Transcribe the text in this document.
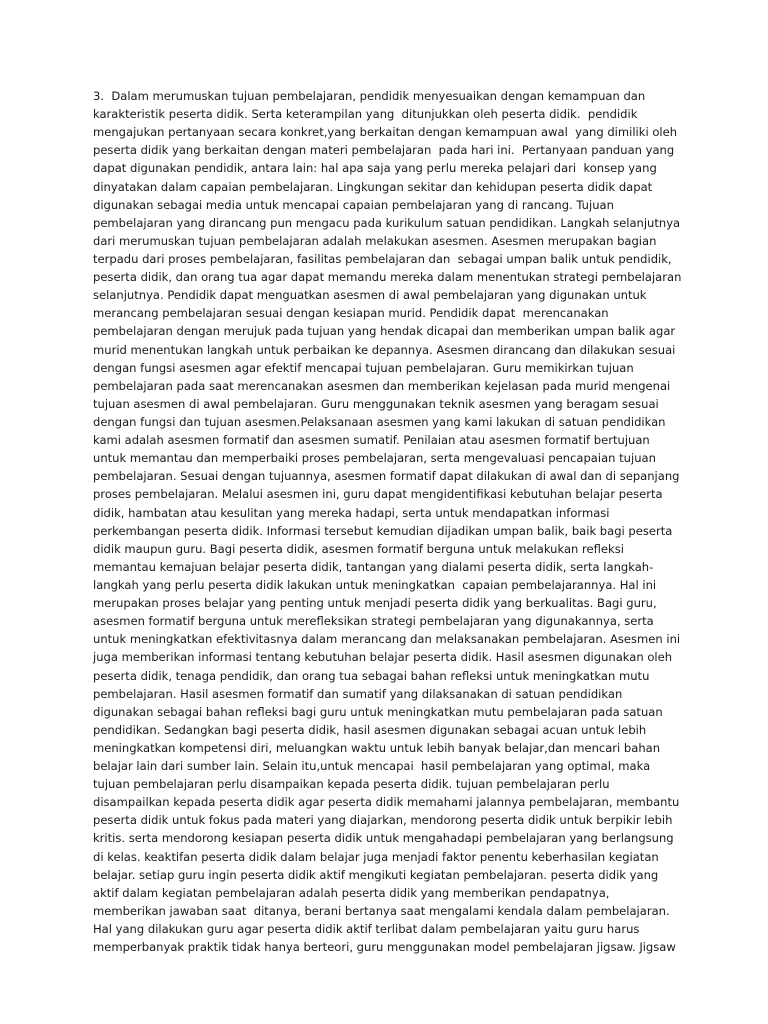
3.  Dalam merumuskan tujuan pembelajaran, pendidik menyesuaikan dengan kemampuan dan
karakteristik peserta didik. Serta keterampilan yang  ditunjukkan oleh peserta didik.  pendidik
mengajukan pertanyaan secara konkret,yang berkaitan dengan kemampuan awal  yang dimiliki oleh
peserta didik yang berkaitan dengan materi pembelajaran  pada hari ini.  Pertanyaan panduan yang
dapat digunakan pendidik, antara lain: hal apa saja yang perlu mereka pelajari dari  konsep yang
dinyatakan dalam capaian pembelajaran. Lingkungan sekitar dan kehidupan peserta didik dapat
digunakan sebagai media untuk mencapai capaian pembelajaran yang di rancang. Tujuan
pembelajaran yang dirancang pun mengacu pada kurikulum satuan pendidikan. Langkah selanjutnya
dari merumuskan tujuan pembelajaran adalah melakukan asesmen. Asesmen merupakan bagian
terpadu dari proses pembelajaran, fasilitas pembelajaran dan  sebagai umpan balik untuk pendidik,
peserta didik, dan orang tua agar dapat memandu mereka dalam menentukan strategi pembelajaran
selanjutnya. Pendidik dapat menguatkan asesmen di awal pembelajaran yang digunakan untuk
merancang pembelajaran sesuai dengan kesiapan murid. Pendidik dapat  merencanakan
pembelajaran dengan merujuk pada tujuan yang hendak dicapai dan memberikan umpan balik agar
murid menentukan langkah untuk perbaikan ke depannya. Asesmen dirancang dan dilakukan sesuai
dengan fungsi asesmen agar efektif mencapai tujuan pembelajaran. Guru memikirkan tujuan
pembelajaran pada saat merencanakan asesmen dan memberikan kejelasan pada murid mengenai
tujuan asesmen di awal pembelajaran. Guru menggunakan teknik asesmen yang beragam sesuai
dengan fungsi dan tujuan asesmen.Pelaksanaan asesmen yang kami lakukan di satuan pendidikan
kami adalah asesmen formatif dan asesmen sumatif. Penilaian atau asesmen formatif bertujuan
untuk memantau dan memperbaiki proses pembelajaran, serta mengevaluasi pencapaian tujuan
pembelajaran. Sesuai dengan tujuannya, asesmen formatif dapat dilakukan di awal dan di sepanjang
proses pembelajaran. Melalui asesmen ini, guru dapat mengidentifikasi kebutuhan belajar peserta
didik, hambatan atau kesulitan yang mereka hadapi, serta untuk mendapatkan informasi
perkembangan peserta didik. Informasi tersebut kemudian dijadikan umpan balik, baik bagi peserta
didik maupun guru. Bagi peserta didik, asesmen formatif berguna untuk melakukan refleksi
memantau kemajuan belajar peserta didik, tantangan yang dialami peserta didik, serta langkah-
langkah yang perlu peserta didik lakukan untuk meningkatkan  capaian pembelajarannya. Hal ini
merupakan proses belajar yang penting untuk menjadi peserta didik yang berkualitas. Bagi guru,
asesmen formatif berguna untuk merefleksikan strategi pembelajaran yang digunakannya, serta
untuk meningkatkan efektivitasnya dalam merancang dan melaksanakan pembelajaran. Asesmen ini
juga memberikan informasi tentang kebutuhan belajar peserta didik. Hasil asesmen digunakan oleh
peserta didik, tenaga pendidik, dan orang tua sebagai bahan refleksi untuk meningkatkan mutu
pembelajaran. Hasil asesmen formatif dan sumatif yang dilaksanakan di satuan pendidikan
digunakan sebagai bahan refleksi bagi guru untuk meningkatkan mutu pembelajaran pada satuan
pendidikan. Sedangkan bagi peserta didik, hasil asesmen digunakan sebagai acuan untuk lebih
meningkatkan kompetensi diri, meluangkan waktu untuk lebih banyak belajar,dan mencari bahan
belajar lain dari sumber lain. Selain itu,untuk mencapai  hasil pembelajaran yang optimal, maka
tujuan pembelajaran perlu disampaikan kepada peserta didik. tujuan pembelajaran perlu
disampailkan kepada peserta didik agar peserta didik memahami jalannya pembelajaran, membantu
peserta didik untuk fokus pada materi yang diajarkan, mendorong peserta didik untuk berpikir lebih
kritis. serta mendorong kesiapan peserta didik untuk mengahadapi pembelajaran yang berlangsung
di kelas. keaktifan peserta didik dalam belajar juga menjadi faktor penentu keberhasilan kegiatan
belajar. setiap guru ingin peserta didik aktif mengikuti kegiatan pembelajaran. peserta didik yang
aktif dalam kegiatan pembelajaran adalah peserta didik yang memberikan pendapatnya,
memberikan jawaban saat  ditanya, berani bertanya saat mengalami kendala dalam pembelajaran.
Hal yang dilakukan guru agar peserta didik aktif terlibat dalam pembelajaran yaitu guru harus
memperbanyak praktik tidak hanya berteori, guru menggunakan model pembelajaran jigsaw. Jigsaw
